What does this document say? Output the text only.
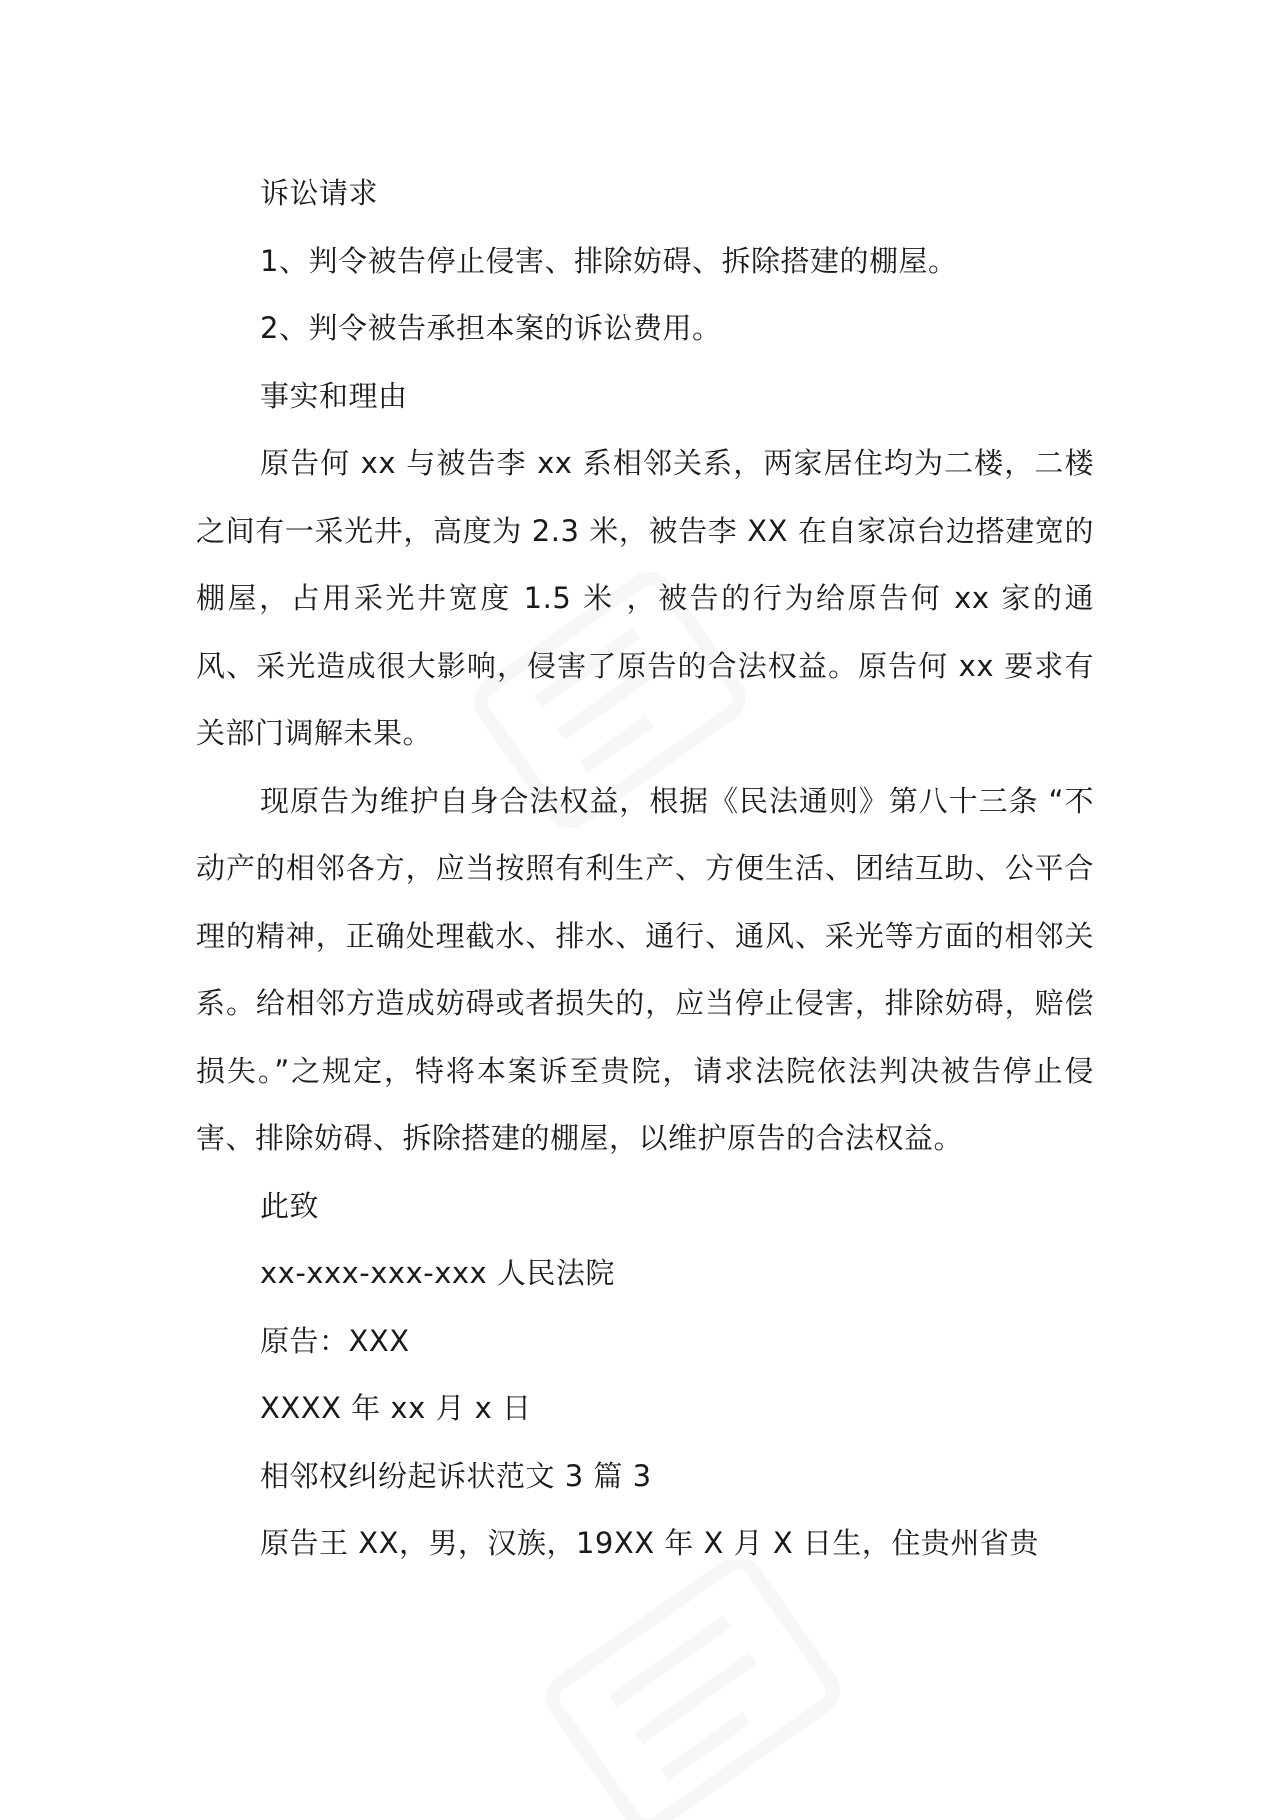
诉讼请求

1、判令被告停止侵害、排除妨碍、拆除搭建的棚屋。

2、判令被告承担本案的诉讼费用。

事实和理由

原告何 xx 与被告李 xx 系相邻关系，两家居住均为二楼，二楼之间有一采光井，高度为 2.3 米，被告李 XX 在自家凉台边搭建宽的棚屋，占用采光井宽度 1.5 米 ，被告的行为给原告何 xx 家的通风、采光造成很大影响，侵害了原告的合法权益。原告何 xx 要求有关部门调解未果。

现原告为维护自身合法权益，根据《民法通则》第八十三条 “不动产的相邻各方，应当按照有利生产、方便生活、团结互助、公平合理的精神，正确处理截水、排水、通行、通风、采光等方面的相邻关系。给相邻方造成妨碍或者损失的，应当停止侵害，排除妨碍，赔偿损失。”之规定，特将本案诉至贵院，请求法院依法判决被告停止侵害、排除妨碍、拆除搭建的棚屋，以维护原告的合法权益。

此致

xx-xxx-xxx-xxx 人民法院

原告：XXX

XXXX 年 xx 月 x 日

相邻权纠纷起诉状范文 3 篇 3

原告王 XX，男，汉族，19XX 年 X 月 X 日生，住贵州省贵
